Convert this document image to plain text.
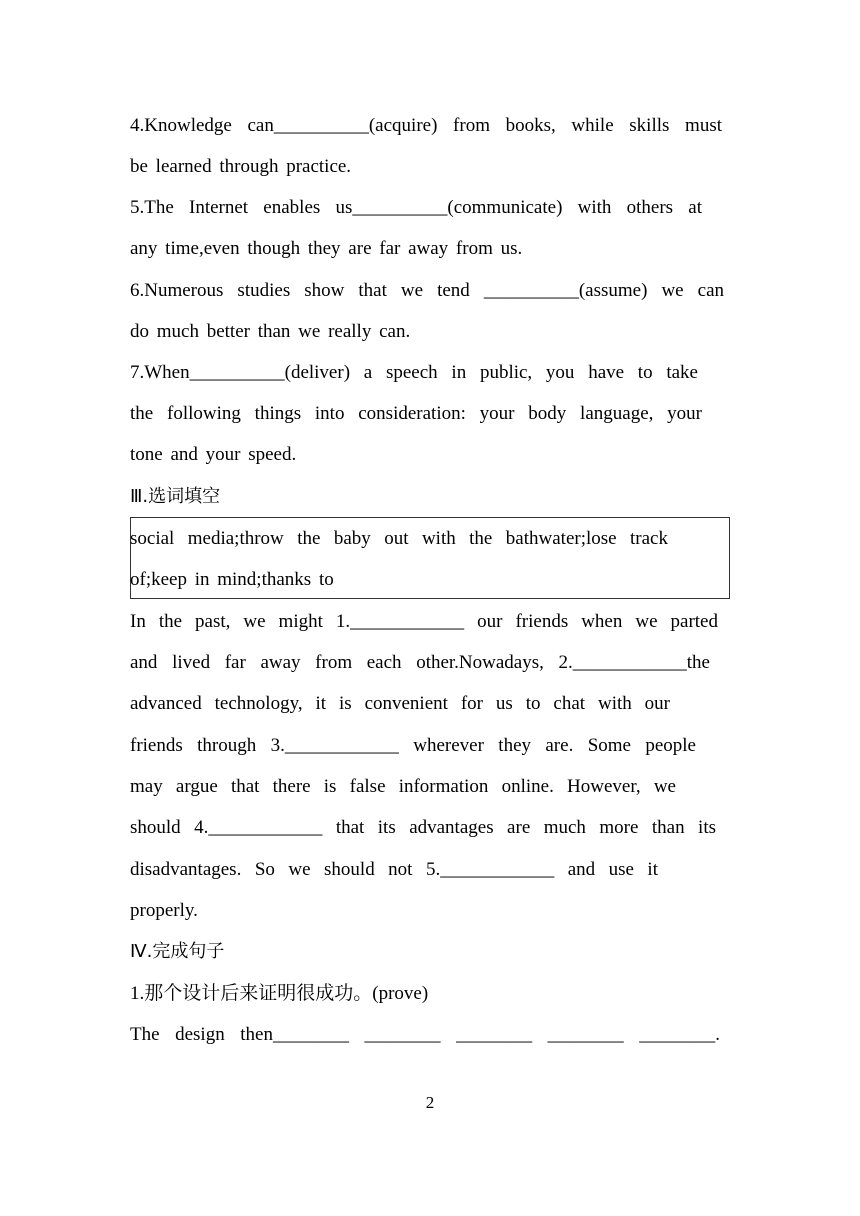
4.Knowledge can__________(acquire) from books, while skills must
be learned through practice.
5.The Internet enables us__________(communicate) with others at
any time,even though they are far away from us.
6.Numerous studies show that we tend __________(assume) we can
do much better than we really can.
7.When__________(deliver) a speech in public, you have to take
the following things into consideration: your body language, your
tone and your speed.
Ⅲ.选词填空
social media;throw the baby out with the bathwater;lose track
of;keep in mind;thanks to
In the past, we might 1.____________ our friends when we parted
and lived far away from each other.Nowadays, 2.____________the
advanced technology, it is convenient for us to chat with our
friends through 3.____________ wherever they are. Some people
may argue that there is false information online. However, we
should 4.____________ that its advantages are much more than its
disadvantages. So we should not 5.____________ and use it
properly.
Ⅳ.完成句子
1.那个设计后来证明很成功。(prove)
The design then________ ________ ________ ________ ________.
2
